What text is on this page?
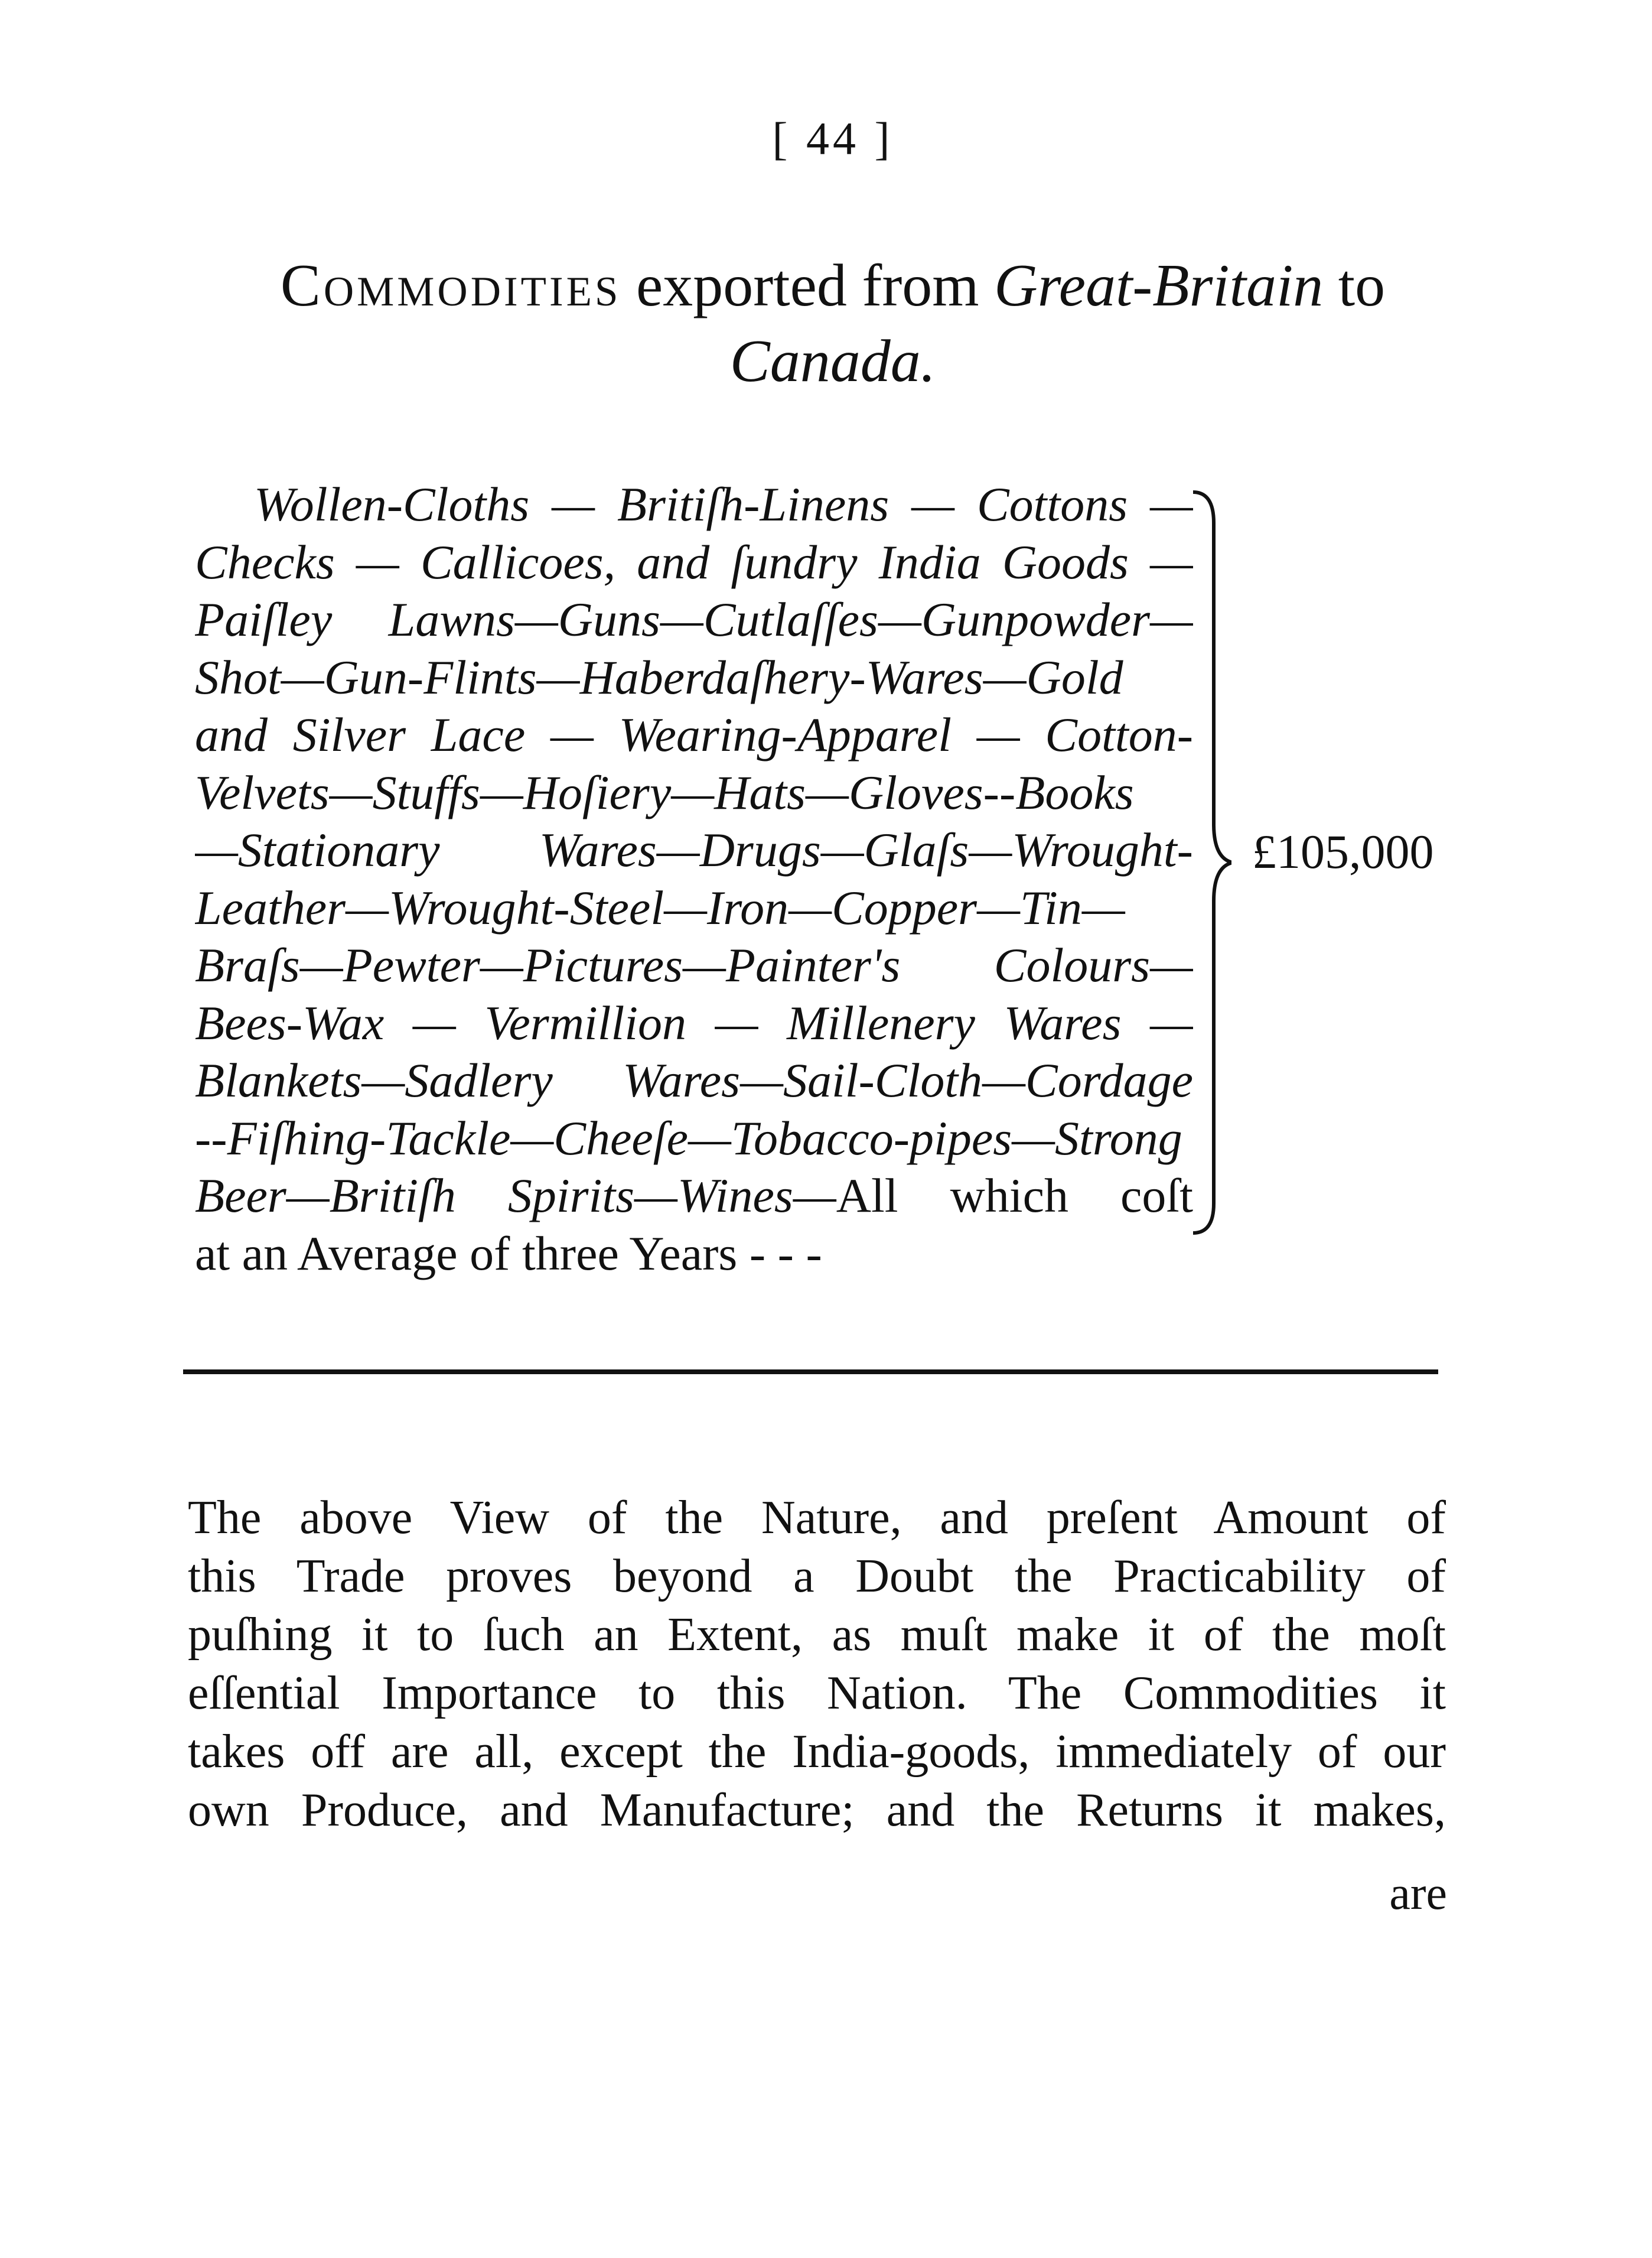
[ 44 ]
Commodities exported from Great-Britain to
Canada.
Wollen-Cloths — Britiſh-Linens — Cottons —
Checks — Callicoes, and ſundry India Goods —
Paiſley Lawns—Guns—Cutlaſſes—Gunpowder—
Shot—Gun-Flints—Haberdaſhery-Wares—Gold
and Silver Lace — Wearing-Apparel — Cotton-
Velvets—Stuffs—Hoſiery—Hats—Gloves--Books
—Stationary Wares—Drugs—Glaſs—Wrought-
Leather—Wrought-Steel—Iron—Copper—Tin—
Braſs—Pewter—Pictures—Painter's Colours—
Bees-Wax — Vermillion — Millenery Wares —
Blankets—Sadlery Wares—Sail-Cloth—Cordage
--Fiſhing-Tackle—Cheeſe—Tobacco-pipes—Strong
Beer—Britiſh Spirits—Wines—All which coſt
at an Average of three Years - - -
£105,000
The above View of the Nature, and preſent Amount of
this Trade proves beyond a Doubt the Practicability of
puſhing it to ſuch an Extent, as muſt make it of the moſt
eſſential Importance to this Nation. The Commodities it
takes off are all, except the India-goods, immediately of our
own Produce, and Manufacture; and the Returns it makes,
are
